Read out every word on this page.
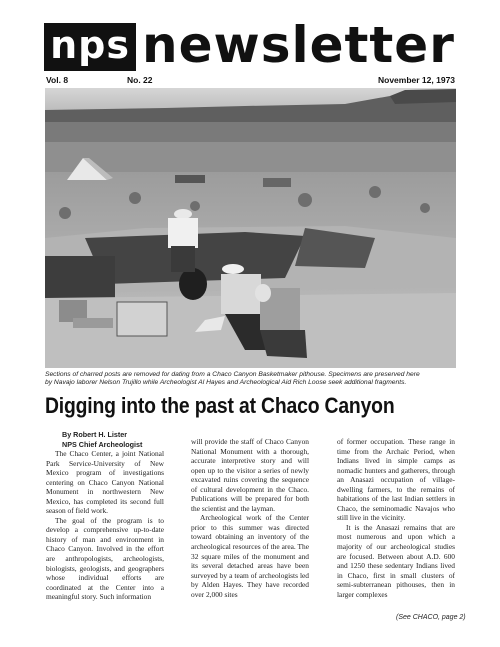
nps newsletter
Vol. 8	No. 22	November 12, 1973
Sections of charred posts are removed for dating from a Chaco Canyon Basketmaker pithouse. Specimens are preserved here
by Navajo laborer Nelson Trujillo while Archeologist Al Hayes and Archeological Aid Rich Loose seek additional fragments.
Digging into the past at Chaco Canyon
By Robert H. Lister
NPS Chief Archeologist

The Chaco Center, a joint National Park Service-University of New Mexico program of investigations centering on Chaco Canyon National Monument in northwestern New Mexico, has completed its second full season of field work.

The goal of the program is to develop a comprehensive up-to-date history of man and environment in Chaco Canyon. Involved in the effort are anthropologists, archeologists, biologists, geologists, and geographers whose individual efforts are coordinated at the Center into a meaningful story. Such information

will provide the staff of Chaco Canyon National Monument with a thorough, accurate interpretive story and will open up to the visitor a series of newly excavated ruins covering the sequence of cultural development in the Chaco. Publications will be prepared for both the scientist and the layman.

Archeological work of the Center prior to this summer was directed toward obtaining an inventory of the archeological resources of the area. The 32 square miles of the monument and its several detached areas have been surveyed by a team of archeologists led by Alden Hayes. They have recorded over 2,000 sites

of former occupation. These range in time from the Archaic Period, when Indians lived in simple camps as nomadic hunters and gatherers, through an Anasazi occupation of village-dwelling farmers, to the remains of habitations of the last Indian settlers in Chaco, the seminomadic Navajos who still live in the vicinity.

It is the Anasazi remains that are most numerous and upon which a majority of our archeological studies are focused. Between about A.D. 600 and 1250 these sedentary Indians lived in Chaco, first in small clusters of semi-subterranean pithouses, then in larger complexes

(See CHACO, page 2)
